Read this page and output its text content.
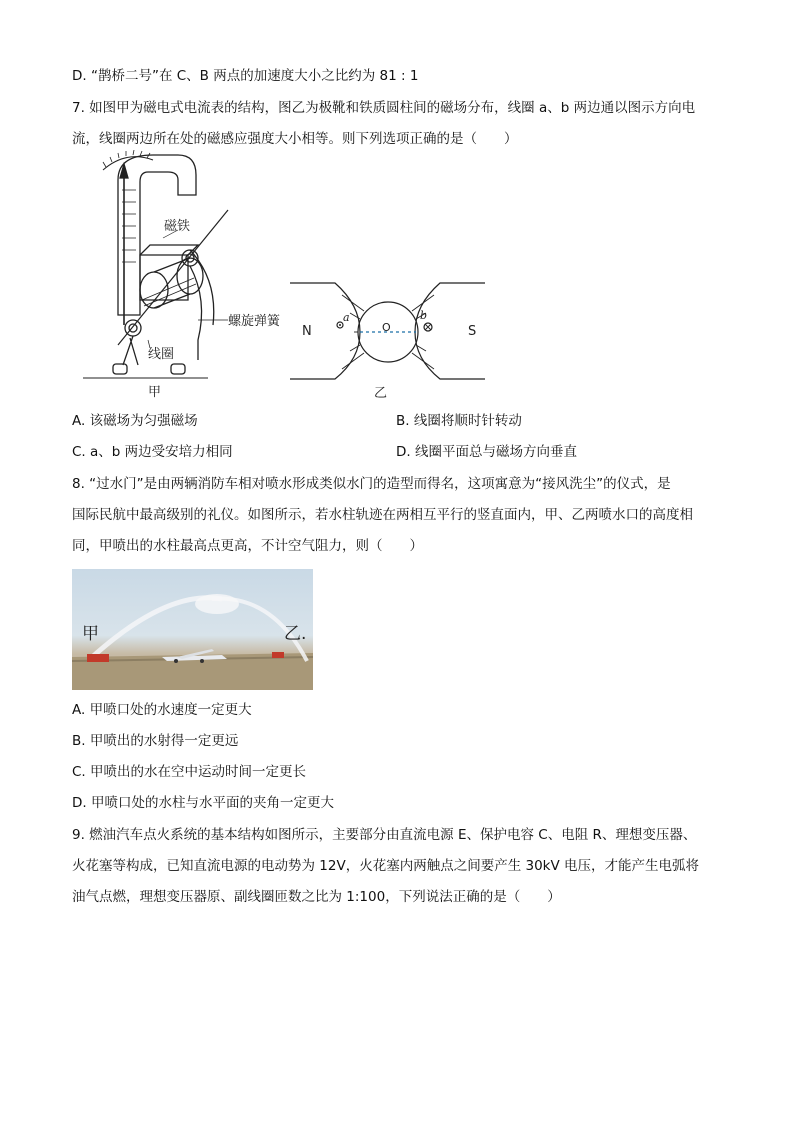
D. “鹊桥二号”在 C、B 两点的加速度大小之比约为 81 : 1
7. 如图甲为磁电式电流表的结构，图乙为极靴和铁质圆柱间的磁场分布，线圈 a、b 两边通以图示方向电
流，线圈两边所在处的磁感应强度大小相等。则下列选项正确的是（　　）
磁铁
螺旋弹簧
线圈
甲
N	S
a	b
O
乙
A. 该磁场为匀强磁场	B. 线圈将顺时针转动
C. a、b 两边受安培力相同	D. 线圈平面总与磁场方向垂直
8. “过水门”是由两辆消防车相对喷水形成类似水门的造型而得名，这项寓意为“接风洗尘”的仪式，是
国际民航中最高级别的礼仪。如图所示，若水柱轨迹在两相互平行的竖直面内，甲、乙两喷水口的高度相
同，甲喷出的水柱最高点更高，不计空气阻力，则（　　）
甲	乙.
A. 甲喷口处的水速度一定更大
B. 甲喷出的水射得一定更远
C. 甲喷出的水在空中运动时间一定更长
D. 甲喷口处的水柱与水平面的夹角一定更大
9. 燃油汽车点火系统的基本结构如图所示，主要部分由直流电源 E、保护电容 C、电阻 R、理想变压器、
火花塞等构成，已知直流电源的电动势为 12V，火花塞内两触点之间要产生 30kV 电压，才能产生电弧将
油气点燃，理想变压器原、副线圈匝数之比为 1:100，下列说法正确的是（　　）
